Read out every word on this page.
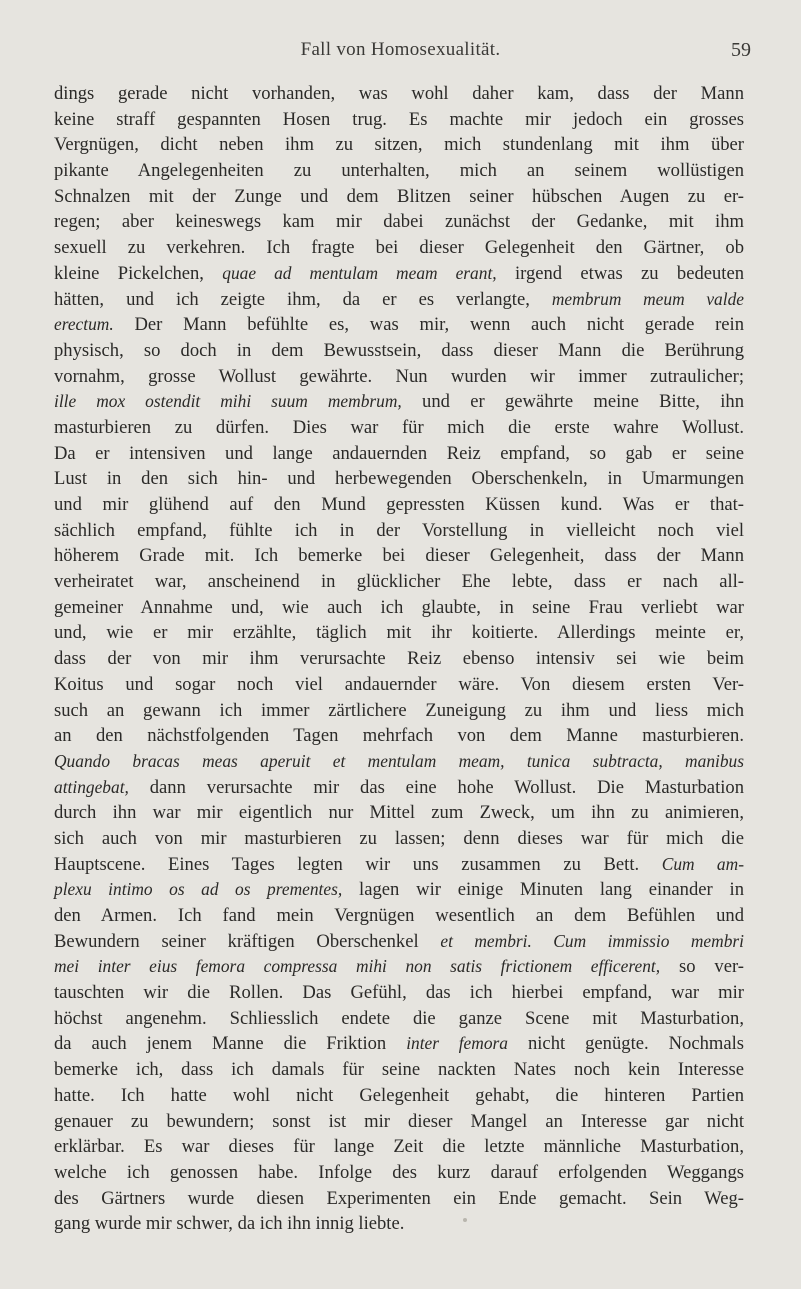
Fall von Homosexualität.	59
dings gerade nicht vorhanden, was wohl daher kam, dass der Mann
keine straff gespannten Hosen trug. Es machte mir jedoch ein grosses
Vergnügen, dicht neben ihm zu sitzen, mich stundenlang mit ihm über
pikante Angelegenheiten zu unterhalten, mich an seinem wollüstigen
Schnalzen mit der Zunge und dem Blitzen seiner hübschen Augen zu er-
regen; aber keineswegs kam mir dabei zunächst der Gedanke, mit ihm
sexuell zu verkehren. Ich fragte bei dieser Gelegenheit den Gärtner, ob
kleine Pickelchen, quae ad mentulam meam erant, irgend etwas zu bedeuten
hätten, und ich zeigte ihm, da er es verlangte, membrum meum valde
erectum. Der Mann befühlte es, was mir, wenn auch nicht gerade rein
physisch, so doch in dem Bewusstsein, dass dieser Mann die Berührung
vornahm, grosse Wollust gewährte. Nun wurden wir immer zutraulicher;
ille mox ostendit mihi suum membrum, und er gewährte meine Bitte, ihn
masturbieren zu dürfen. Dies war für mich die erste wahre Wollust.
Da er intensiven und lange andauernden Reiz empfand, so gab er seine
Lust in den sich hin- und herbewegenden Oberschenkeln, in Umarmungen
und mir glühend auf den Mund gepressten Küssen kund. Was er that-
sächlich empfand, fühlte ich in der Vorstellung in vielleicht noch viel
höherem Grade mit. Ich bemerke bei dieser Gelegenheit, dass der Mann
verheiratet war, anscheinend in glücklicher Ehe lebte, dass er nach all-
gemeiner Annahme und, wie auch ich glaubte, in seine Frau verliebt war
und, wie er mir erzählte, täglich mit ihr koitierte. Allerdings meinte er,
dass der von mir ihm verursachte Reiz ebenso intensiv sei wie beim
Koitus und sogar noch viel andauernder wäre. Von diesem ersten Ver-
such an gewann ich immer zärtlichere Zuneigung zu ihm und liess mich
an den nächstfolgenden Tagen mehrfach von dem Manne masturbieren.
Quando bracas meas aperuit et mentulam meam, tunica subtracta, manibus
attingebat, dann verursachte mir das eine hohe Wollust. Die Masturbation
durch ihn war mir eigentlich nur Mittel zum Zweck, um ihn zu animieren,
sich auch von mir masturbieren zu lassen; denn dieses war für mich die
Hauptscene. Eines Tages legten wir uns zusammen zu Bett. Cum am-
plexu intimo os ad os prementes, lagen wir einige Minuten lang einander in
den Armen. Ich fand mein Vergnügen wesentlich an dem Befühlen und
Bewundern seiner kräftigen Oberschenkel et membri. Cum immissio membri
mei inter eius femora compressa mihi non satis frictionem efficerent, so ver-
tauschten wir die Rollen. Das Gefühl, das ich hierbei empfand, war mir
höchst angenehm. Schliesslich endete die ganze Scene mit Masturbation,
da auch jenem Manne die Friktion inter femora nicht genügte. Nochmals
bemerke ich, dass ich damals für seine nackten Nates noch kein Interesse
hatte. Ich hatte wohl nicht Gelegenheit gehabt, die hinteren Partien
genauer zu bewundern; sonst ist mir dieser Mangel an Interesse gar nicht
erklärbar. Es war dieses für lange Zeit die letzte männliche Masturbation,
welche ich genossen habe. Infolge des kurz darauf erfolgenden Weggangs
des Gärtners wurde diesen Experimenten ein Ende gemacht. Sein Weg-
gang wurde mir schwer, da ich ihn innig liebte.
